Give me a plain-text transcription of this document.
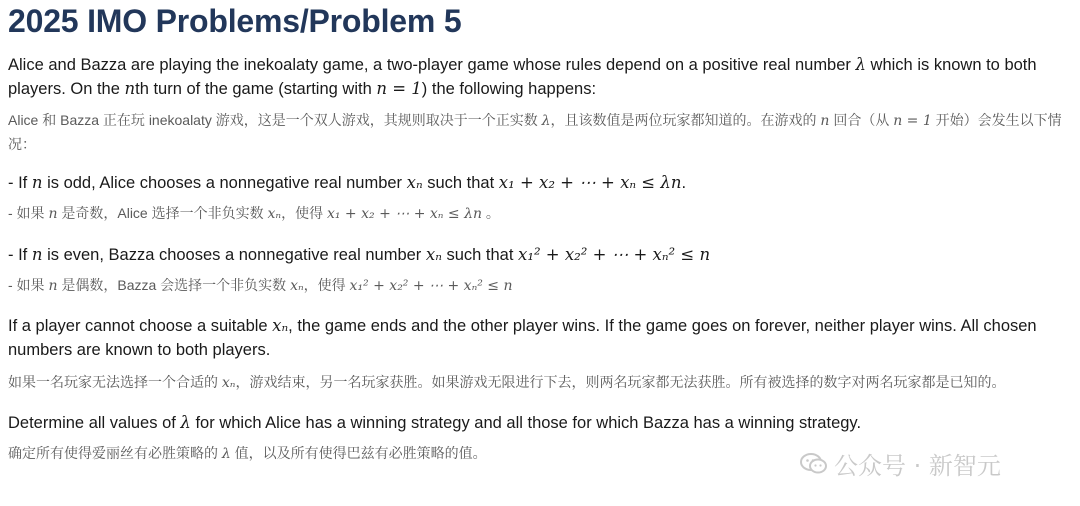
2025 IMO Problems/Problem 5

Alice and Bazza are playing the inekoalaty game, a two-player game whose rules depend on a positive real number λ which is known to both players. On the nth turn of the game (starting with n = 1) the following happens:

Alice 和 Bazza 正在玩 inekoalaty 游戏，这是一个双人游戏，其规则取决于一个正实数 λ，且该数值是两位玩家都知道的。在游戏的 n 回合（从 n = 1 开始）会发生以下情况：

- If n is odd, Alice chooses a nonnegative real number xₙ such that x₁ + x₂ + ⋯ + xₙ ≤ λn.

- 如果 n 是奇数，Alice 选择一个非负实数 xₙ，使得 x₁ + x₂ + ⋯ + xₙ ≤ λn 。

- If n is even, Bazza chooses a nonnegative real number xₙ such that x₁² + x₂² + ⋯ + xₙ² ≤ n

- 如果 n 是偶数，Bazza 会选择一个非负实数 xₙ，使得 x₁² + x₂² + ⋯ + xₙ² ≤ n

If a player cannot choose a suitable xₙ, the game ends and the other player wins. If the game goes on forever, neither player wins. All chosen numbers are known to both players.

如果一名玩家无法选择一个合适的 xₙ，游戏结束，另一名玩家获胜。如果游戏无限进行下去，则两名玩家都无法获胜。所有被选择的数字对两名玩家都是已知的。

Determine all values of λ for which Alice has a winning strategy and all those for which Bazza has a winning strategy.

确定所有使得爱丽丝有必胜策略的 λ 值，以及所有使得巴兹有必胜策略的值。	公众号 · 新智元
